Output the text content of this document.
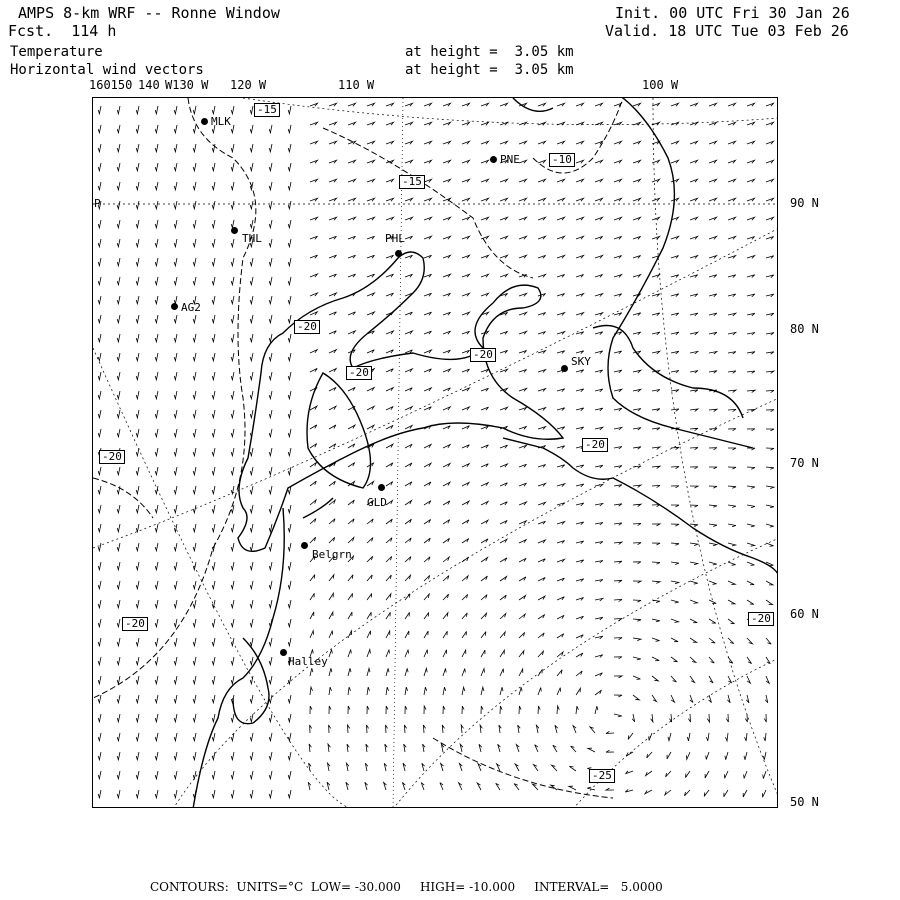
AMPS 8-km WRF -- Ronne Window
Fcst.  114 h
Temperature
Horizontal wind vectors
at height =  3.05 km
at height =  3.05 km
Init. 00 UTC Fri 30 Jan 26
Valid. 18 UTC Tue 03 Feb 26
160150 140 W130 W 120 W	110 W	100 W
90 N
80 N
70 N
60 N
50 N
P
MLK
PNE
THL	PHL
AG2
SKY
GLD
Belgrn
Halley
-15
-10
-15
-20
-20
-20
-20
-20
-20	-20
-25
CONTOURS:  UNITS=°C  LOW= -30.000     HIGH= -10.000     INTERVAL=   5.0000
